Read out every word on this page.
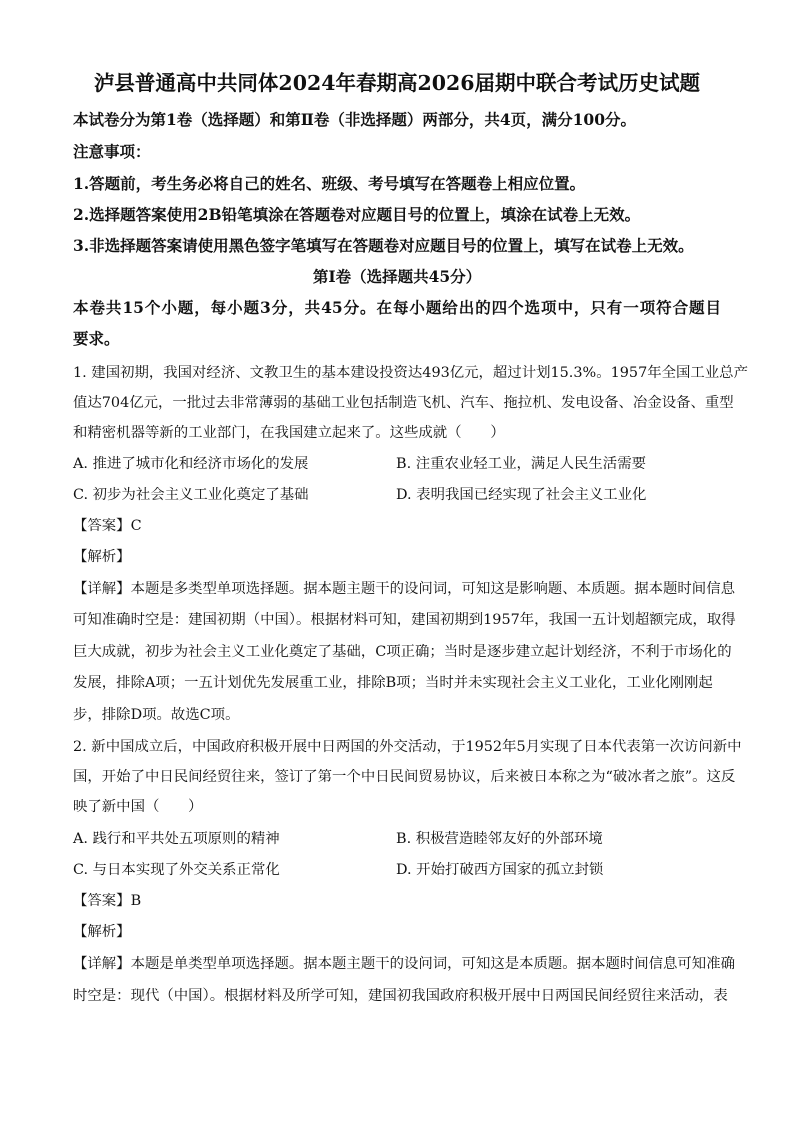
泸县普通高中共同体2024年春期高2026届期中联合考试历史试题
本试卷分为第1卷（选择题）和第Ⅱ卷（非选择题）两部分，共4页，满分100分。
注意事项：
1.答题前，考生务必将自己的姓名、班级、考号填写在答题卷上相应位置。
2.选择题答案使用2B铅笔填涂在答题卷对应题目号的位置上，填涂在试卷上无效。
3.非选择题答案请使用黑色签字笔填写在答题卷对应题目号的位置上，填写在试卷上无效。
第Ⅰ卷（选择题共45分）
本卷共15个小题，每小题3分，共45分。在每小题给出的四个选项中，只有一项符合题目
要求。
1. 建国初期，我国对经济、文教卫生的基本建设投资达493亿元，超过计划15.3%。1957年全国工业总产
值达704亿元，一批过去非常薄弱的基础工业包括制造飞机、汽车、拖拉机、发电设备、冶金设备、重型
和精密机器等新的工业部门，在我国建立起来了。这些成就（　　）
A. 推进了城市化和经济市场化的发展	B. 注重农业轻工业，满足人民生活需要
C. 初步为社会主义工业化奠定了基础	D. 表明我国已经实现了社会主义工业化
【答案】C
【解析】
【详解】本题是多类型单项选择题。据本题主题干的设问词，可知这是影响题、本质题。据本题时间信息
可知准确时空是：建国初期（中国）。根据材料可知，建国初期到1957年，我国一五计划超额完成，取得
巨大成就，初步为社会主义工业化奠定了基础，C项正确；当时是逐步建立起计划经济，不利于市场化的
发展，排除A项；一五计划优先发展重工业，排除B项；当时并未实现社会主义工业化，工业化刚刚起
步，排除D项。故选C项。
2. 新中国成立后，中国政府积极开展中日两国的外交活动，于1952年5月实现了日本代表第一次访问新中
国，开始了中日民间经贸往来，签订了第一个中日民间贸易协议，后来被日本称之为“破冰者之旅”。这反
映了新中国（　　）
A. 践行和平共处五项原则的精神	B. 积极营造睦邻友好的外部环境
C. 与日本实现了外交关系正常化	D. 开始打破西方国家的孤立封锁
【答案】B
【解析】
【详解】本题是单类型单项选择题。据本题主题干的设问词，可知这是本质题。据本题时间信息可知准确
时空是：现代（中国）。根据材料及所学可知，建国初我国政府积极开展中日两国民间经贸往来活动，表
